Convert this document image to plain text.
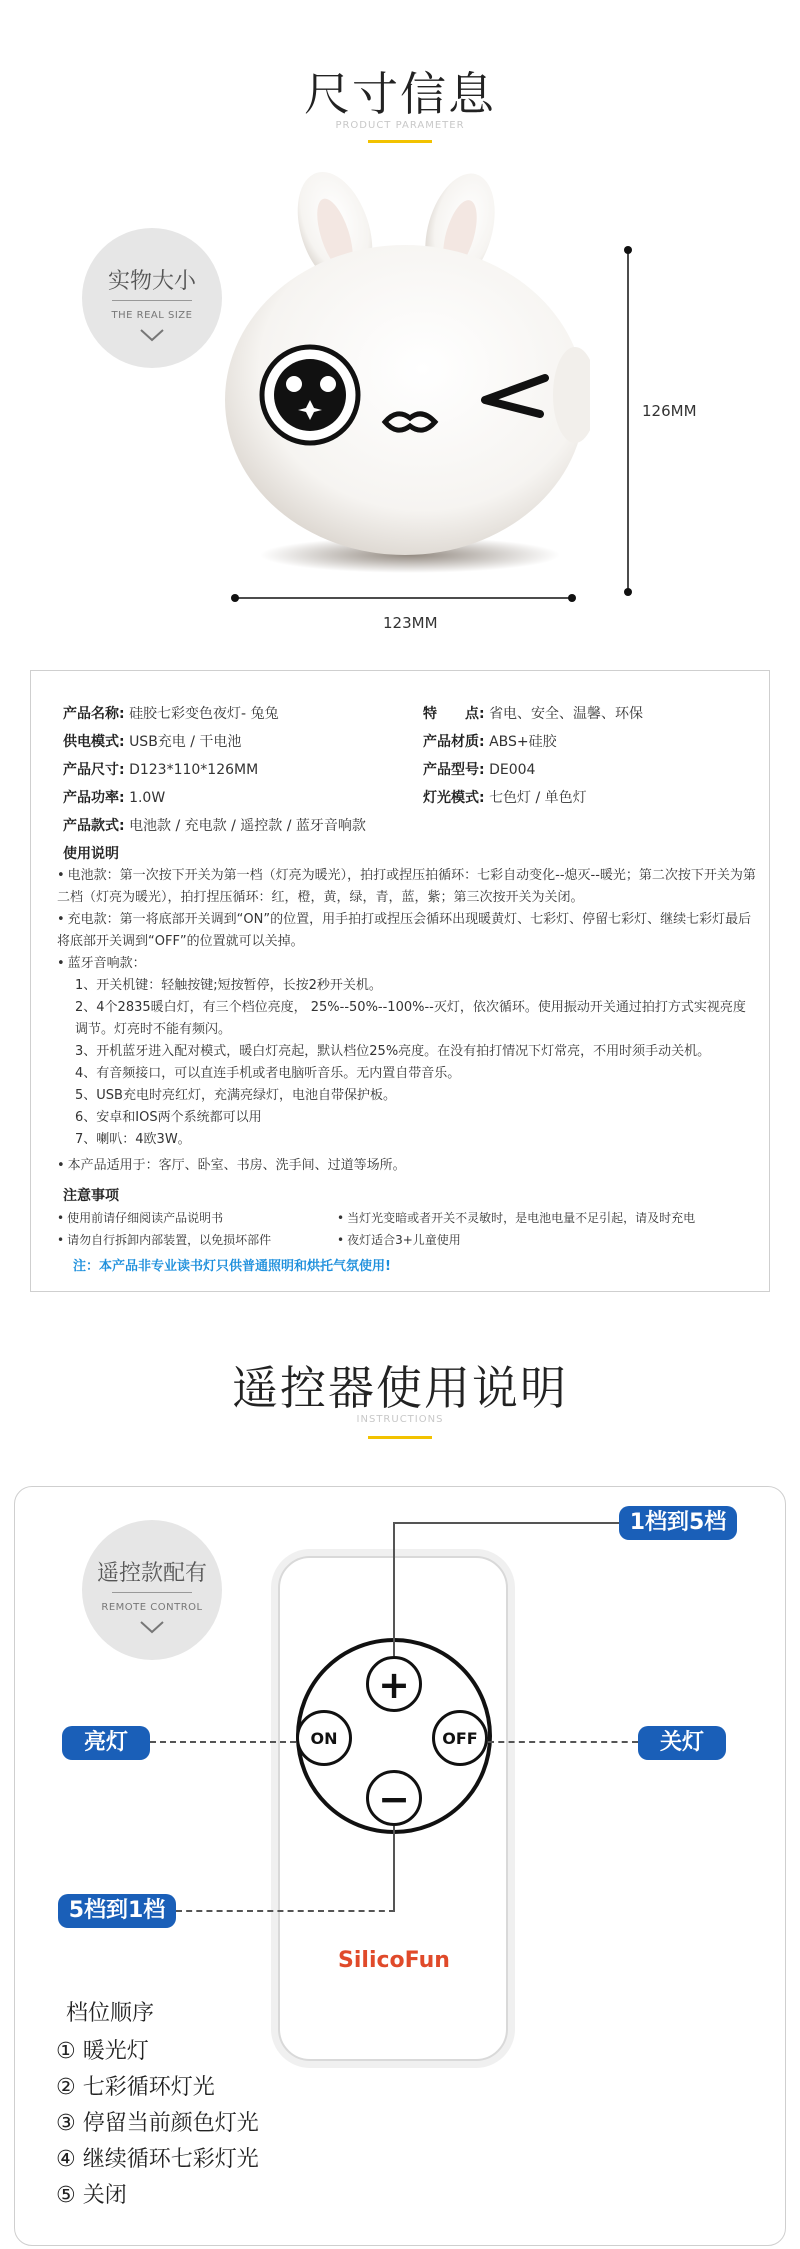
尺寸信息
PRODUCT PARAMETER
实物大小
THE REAL SIZE
126MM
123MM
产品名称: 硅胶七彩变色夜灯- 兔兔
供电模式: USB充电 / 干电池
产品尺寸: D123*110*126MM
产品功率: 1.0W
产品款式: 电池款 / 充电款 / 遥控款 / 蓝牙音响款
特　　点: 省电、安全、温馨、环保
产品材质: ABS+硅胶
产品型号: DE004
灯光模式: 七色灯 / 单色灯
使用说明
• 电池款：第一次按下开关为第一档（灯亮为暖光），拍打或捏压拍循环：七彩自动变化--熄灭--暖光；第二次按下开关为第二档（灯亮为暖光），拍打捏压循环：红，橙，黄，绿，青，蓝，紫；第三次按开关为关闭。
• 充电款：第一将底部开关调到“ON”的位置，用手拍打或捏压会循环出现暖黄灯、七彩灯、停留七彩灯、继续七彩灯最后将底部开关调到“OFF”的位置就可以关掉。
• 蓝牙音响款：
1、开关机键：轻触按键;短按暂停，长按2秒开关机。
2、4个2835暖白灯，有三个档位亮度， 25%--50%--100%--灭灯，依次循环。使用振动开关通过拍打方式实视亮度调节。灯亮时不能有频闪。
3、开机蓝牙进入配对模式，暖白灯亮起，默认档位25%亮度。在没有拍打情况下灯常亮，不用时须手动关机。
4、有音频接口，可以直连手机或者电脑听音乐。无内置自带音乐。
5、USB充电时亮红灯，充满亮绿灯，电池自带保护板。
6、安卓和IOS两个系统都可以用
7、喇叭：4欧3W。
• 本产品适用于：客厅、卧室、书房、洗手间、过道等场所。
注意事项
• 使用前请仔细阅读产品说明书	• 当灯光变暗或者开关不灵敏时，是电池电量不足引起，请及时充电
• 请勿自行拆卸内部装置，以免损坏部件	• 夜灯适合3+儿童使用
注：本产品非专业读书灯只供普通照明和烘托气氛使用!
遥控器使用说明
INSTRUCTIONS
遥控款配有
REMOTE CONTROL
+
−
ON	OFF
SilicoFun
1档到5档
亮灯	关灯
5档到1档
档位顺序
① 暖光灯
② 七彩循环灯光
③ 停留当前颜色灯光
④ 继续循环七彩灯光
⑤ 关闭
